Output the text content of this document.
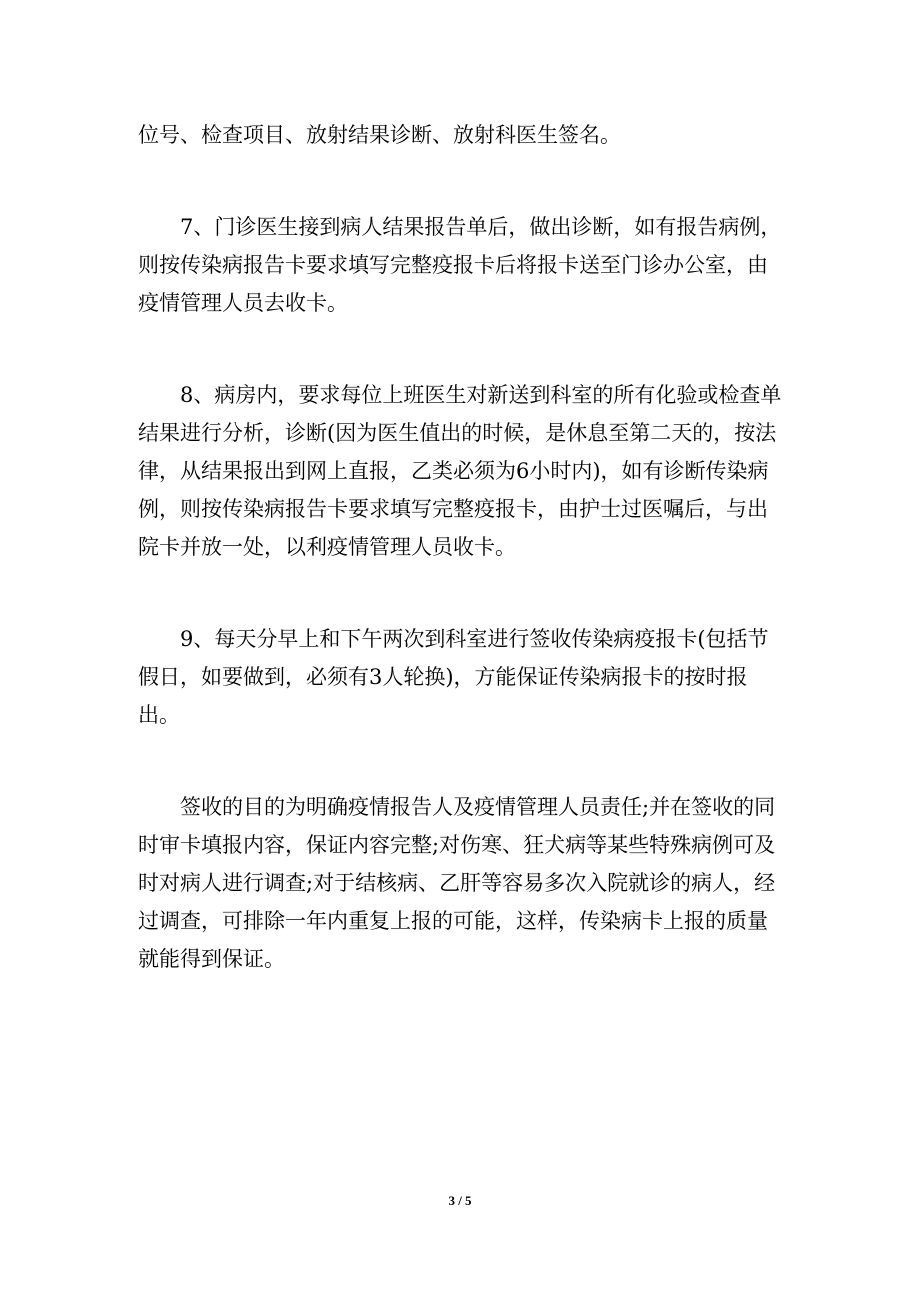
位号、检查项目、放射结果诊断、放射科医生签名。

7、门诊医生接到病人结果报告单后，做出诊断，如有报告病例，则按传染病报告卡要求填写完整疫报卡后将报卡送至门诊办公室，由疫情管理人员去收卡。

8、病房内，要求每位上班医生对新送到科室的所有化验或检查单结果进行分析，诊断(因为医生值出的时候，是休息至第二天的，按法律，从结果报出到网上直报，乙类必须为6小时内)，如有诊断传染病例，则按传染病报告卡要求填写完整疫报卡，由护士过医嘱后，与出院卡并放一处，以利疫情管理人员收卡。

9、每天分早上和下午两次到科室进行签收传染病疫报卡(包括节假日，如要做到，必须有3人轮换)，方能保证传染病报卡的按时报出。

签收的目的为明确疫情报告人及疫情管理人员责任;并在签收的同时审卡填报内容，保证内容完整;对伤寒、狂犬病等某些特殊病例可及时对病人进行调查;对于结核病、乙肝等容易多次入院就诊的病人，经过调查，可排除一年内重复上报的可能，这样，传染病卡上报的质量就能得到保证。

3 / 5
